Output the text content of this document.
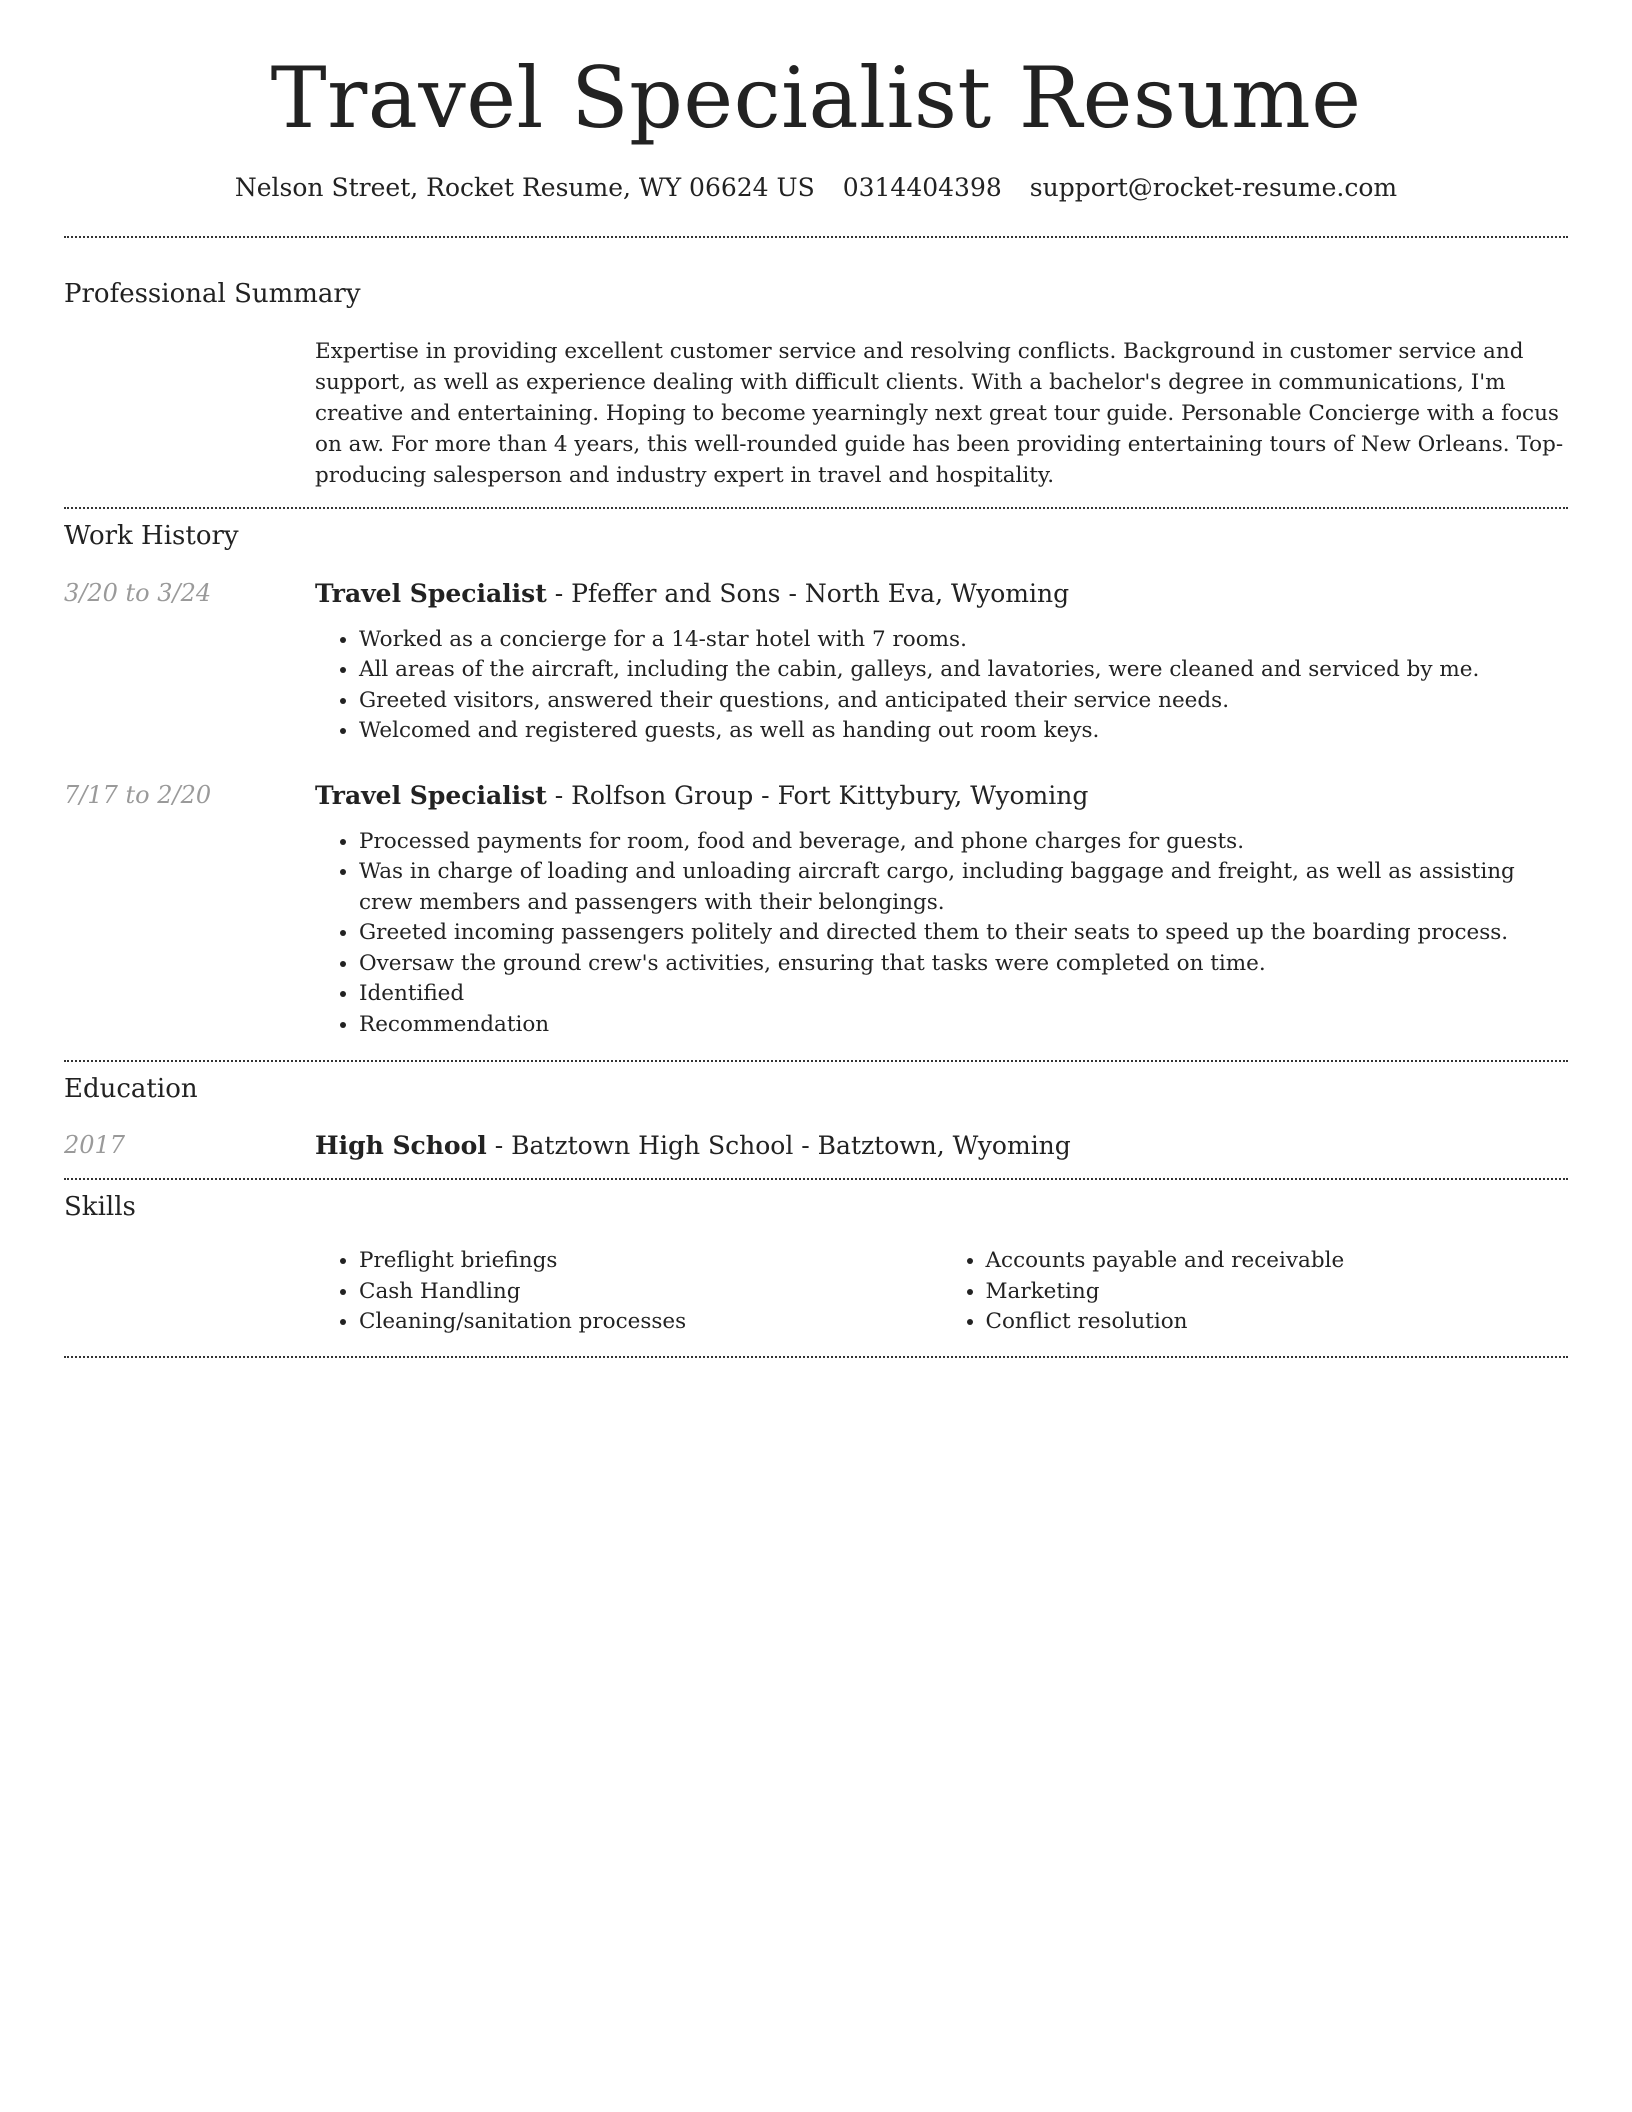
Travel Specialist Resume
Nelson Street, Rocket Resume, WY 06624 US 0314404398 support@rocket-resume.com
Professional Summary
Expertise in providing excellent customer service and resolving conflicts. Background in customer service and support, as well as experience dealing with difficult clients. With a bachelor's degree in communications, I'm creative and entertaining. Hoping to become yearningly next great tour guide. Personable Concierge with a focus on aw. For more than 4 years, this well-rounded guide has been providing entertaining tours of New Orleans. Top-producing salesperson and industry expert in travel and hospitality.
Work History
3/20 to 3/24	Travel Specialist - Pfeffer and Sons - North Eva, Wyoming
• Worked as a concierge for a 14-star hotel with 7 rooms.
• All areas of the aircraft, including the cabin, galleys, and lavatories, were cleaned and serviced by me.
• Greeted visitors, answered their questions, and anticipated their service needs.
• Welcomed and registered guests, as well as handing out room keys.
7/17 to 2/20	Travel Specialist - Rolfson Group - Fort Kittybury, Wyoming
• Processed payments for room, food and beverage, and phone charges for guests.
• Was in charge of loading and unloading aircraft cargo, including baggage and freight, as well as assisting crew members and passengers with their belongings.
• Greeted incoming passengers politely and directed them to their seats to speed up the boarding process.
• Oversaw the ground crew's activities, ensuring that tasks were completed on time.
• Identified
• Recommendation
Education
2017	High School - Batztown High School - Batztown, Wyoming
Skills
• Preflight briefings
• Cash Handling
• Cleaning/sanitation processes
• Accounts payable and receivable
• Marketing
• Conflict resolution
